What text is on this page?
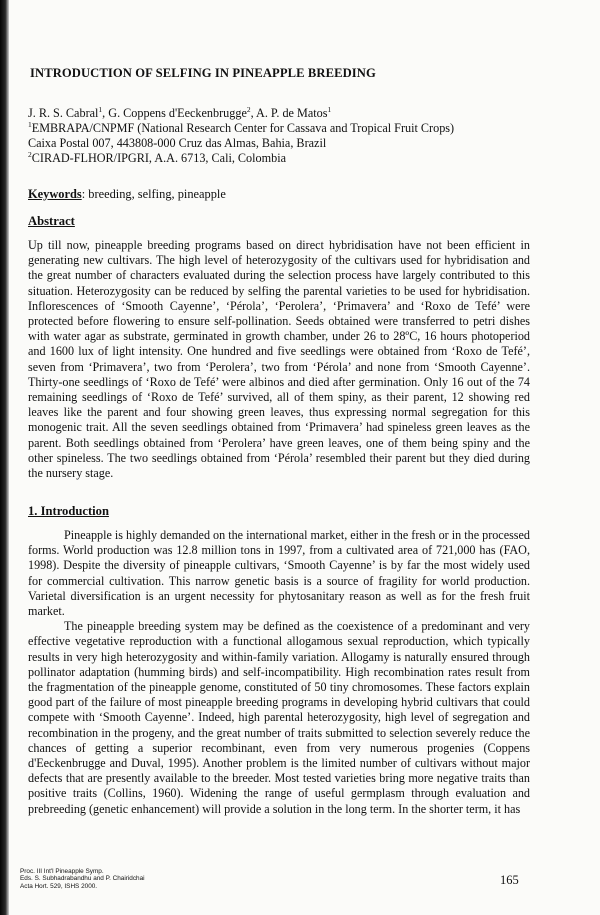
INTRODUCTION OF SELFING IN PINEAPPLE BREEDING
J. R. S. Cabral$^1$, G. Coppens d'Eeckenbrugge$^2$, A. P. de Matos$^1$
$^1$EMBRAPA/CNPMF (National Research Center for Cassava and Tropical Fruit Crops)
Caixa Postal 007, 443808-000 Cruz das Almas, Bahia, Brazil
$^2$CIRAD-FLHOR/IPGRI, A.A. 6713, Cali, Colombia
Keywords: breeding, selfing, pineapple
Abstract

Up till now, pineapple breeding programs based on direct hybridisation have not been efficient in generating new cultivars. The high level of heterozygosity of the cultivars used for hybridisation and the great number of characters evaluated during the selection process have largely contributed to this situation. Heterozygosity can be reduced by selfing the parental varieties to be used for hybridisation. Inflorescences of ‘Smooth Cayenne’, ‘Pérola’, ‘Perolera’, ‘Primavera’ and ‘Roxo de Tefé’ were protected before flowering to ensure self-pollination. Seeds obtained were transferred to petri dishes with water agar as substrate, germinated in growth chamber, under 26 to 28ºC, 16 hours photoperiod and 1600 lux of light intensity. One hundred and five seedlings were obtained from ‘Roxo de Tefé’, seven from ‘Primavera’, two from ‘Perolera’, two from ‘Pérola’ and none from ‘Smooth Cayenne’. Thirty-one seedlings of ‘Roxo de Tefé’ were albinos and died after germination. Only 16 out of the 74 remaining seedlings of ‘Roxo de Tefé’ survived, all of them spiny, as their parent, 12 showing red leaves like the parent and four showing green leaves, thus expressing normal segregation for this monogenic trait. All the seven seedlings obtained from ‘Primavera’ had spineless green leaves as the parent. Both seedlings obtained from ‘Perolera’ have green leaves, one of them being spiny and the other spineless. The two seedlings obtained from ‘Pérola’ resembled their parent but they died during the nursery stage.

1. Introduction

Pineapple is highly demanded on the international market, either in the fresh or in the processed forms. World production was 12.8 million tons in 1997, from a cultivated area of 721,000 has (FAO, 1998). Despite the diversity of pineapple cultivars, ‘Smooth Cayenne’ is by far the most widely used for commercial cultivation. This narrow genetic basis is a source of fragility for world production. Varietal diversification is an urgent necessity for phytosanitary reason as well as for the fresh fruit market.

The pineapple breeding system may be defined as the coexistence of a predominant and very effective vegetative reproduction with a functional allogamous sexual reproduction, which typically results in very high heterozygosity and within-family variation. Allogamy is naturally ensured through pollinator adaptation (humming birds) and self-incompatibility. High recombination rates result from the fragmentation of the pineapple genome, constituted of 50 tiny chromosomes. These factors explain good part of the failure of most pineapple breeding programs in developing hybrid cultivars that could compete with ‘Smooth Cayenne’. Indeed, high parental heterozygosity, high level of segregation and recombination in the progeny, and the great number of traits submitted to selection severely reduce the chances of getting a superior recombinant, even from very numerous progenies (Coppens d'Eeckenbrugge and Duval, 1995). Another problem is the limited number of cultivars without major defects that are presently available to the breeder. Most tested varieties bring more negative traits than positive traits (Collins, 1960). Widening the range of useful germplasm through evaluation and prebreeding (genetic enhancement) will provide a solution in the long term. In the shorter term, it has

Proc. III Int'l Pineapple Symp.
Eds. S. Subhadrabandhu and P. Chairidchai
Acta Hort. 529, ISHS 2000.	165
